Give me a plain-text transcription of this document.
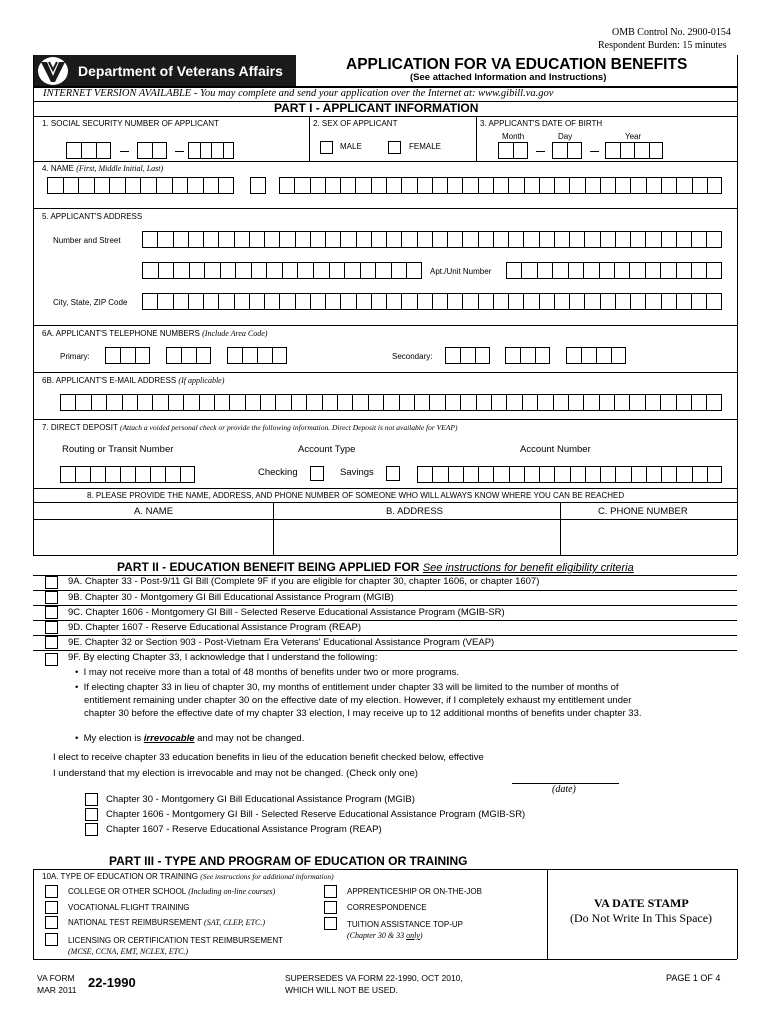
OMB Control No. 2900-0154
Respondent Burden: 15 minutes
Department of Veterans Affairs	APPLICATION FOR VA EDUCATION BENEFITS
(See attached Information and Instructions)
INTERNET VERSION AVAILABLE - You may complete and send your application over the Internet at: www.gibill.va.gov
PART I - APPLICANT INFORMATION
1. SOCIAL SECURITY NUMBER OF APPLICANT	2. SEX OF APPLICANT	3. APPLICANT'S DATE OF BIRTH
MALE	FEMALE
Month	Day	Year
4. NAME (First, Middle Initial, Last)
5. APPLICANT'S ADDRESS
Number and Street
Apt./Unit Number
City, State, ZIP Code
6A. APPLICANT'S TELEPHONE NUMBERS (Include Area Code)
Primary:	Secondary:
6B. APPLICANT'S E-MAIL ADDRESS (If applicable)
7. DIRECT DEPOSIT (Attach a voided personal check or provide the following information. Direct Deposit is not available for VEAP)
Routing or Transit Number	Account Type	Account Number
Checking	Savings
8. PLEASE PROVIDE THE NAME, ADDRESS, AND PHONE NUMBER OF SOMEONE WHO WILL ALWAYS KNOW WHERE YOU CAN BE REACHED
A. NAME	B. ADDRESS	C. PHONE NUMBER
PART II - EDUCATION BENEFIT BEING APPLIED FOR See instructions for benefit eligibility criteria
9A. Chapter 33 - Post-9/11 GI Bill (Complete 9F if you are eligible for chapter 30, chapter 1606, or chapter 1607)
9B. Chapter 30 - Montgomery GI Bill Educational Assistance Program (MGIB)
9C. Chapter 1606 - Montgomery GI Bill - Selected Reserve Educational Assistance Program (MGIB-SR)
9D. Chapter 1607 - Reserve Educational Assistance Program (REAP)
9E. Chapter 32 or Section 903 - Post-Vietnam Era Veterans' Educational Assistance Program (VEAP)
9F. By electing Chapter 33, I acknowledge that I understand the following:
•  I may not receive more than a total of 48 months of benefits under two or more programs.
•  If electing chapter 33 in lieu of chapter 30, my months of entitlement under chapter 33 will be limited to the number of months of entitlement remaining under chapter 30 on the effective date of my election. However, if I completely exhaust my entitlement under chapter 30 before the effective date of my chapter 33 election, I may receive up to 12 additional months of benefits under chapter 33.
•  My election is irrevocable and may not be changed.
I elect to receive chapter 33 education benefits in lieu of the education benefit checked below, effective
I understand that my election is irrevocable and may not be changed. (Check only one)
(date)
Chapter 30 - Montgomery GI Bill Educational Assistance Program (MGIB)
Chapter 1606 - Montgomery GI Bill - Selected Reserve Educational Assistance Program (MGIB-SR)
Chapter 1607 - Reserve Educational Assistance Program (REAP)
PART III - TYPE AND PROGRAM OF EDUCATION OR TRAINING
10A. TYPE OF EDUCATION OR TRAINING (See instructions for additional information)
COLLEGE OR OTHER SCHOOL (Including on-line courses)
VOCATIONAL FLIGHT TRAINING
NATIONAL TEST REIMBURSEMENT (SAT, CLEP, ETC.)
LICENSING OR CERTIFICATION TEST REIMBURSEMENT
(MCSE, CCNA, EMT, NCLEX, ETC.)
APPRENTICESHIP OR ON-THE-JOB
CORRESPONDENCE
TUITION ASSISTANCE TOP-UP
(Chapter 30 & 33 only)
VA DATE STAMP
(Do Not Write In This Space)
VA FORM
MAR 2011 22-1990	SUPERSEDES VA FORM 22-1990, OCT 2010,
WHICH WILL NOT BE USED.
PAGE 1 OF 4
